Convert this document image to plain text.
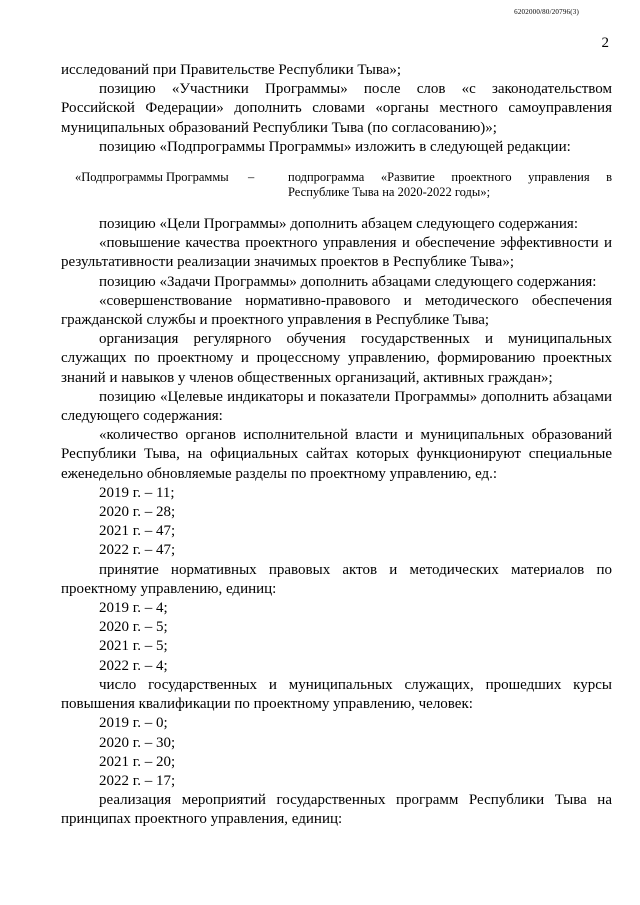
6202000/80/20796(3)
2
исследований при Правительстве Республики Тыва»;
позицию «Участники Программы» после слов «с законодательством Российской Федерации» дополнить словами «органы местного самоуправления муниципальных образований Республики Тыва (по согласованию)»;
позицию «Подпрограммы Программы» изложить в следующей редакции:
«Подпрограммы Программы	–	подпрограмма «Развитие проектного управления в Республике Тыва на 2020-2022 годы»;
позицию «Цели Программы» дополнить абзацем следующего содержания:
«повышение качества проектного управления и обеспечение эффективности и результативности реализации значимых проектов в Республике Тыва»;
позицию «Задачи Программы» дополнить абзацами следующего содержания:
«совершенствование нормативно-правового и методического обеспечения гражданской службы и проектного управления в Республике Тыва;
организация регулярного обучения государственных и муниципальных служащих по проектному и процессному управлению, формированию проектных знаний и навыков у членов общественных организаций, активных граждан»;
позицию «Целевые индикаторы и показатели Программы» дополнить абзацами следующего содержания:
«количество органов исполнительной власти и муниципальных образований Республики Тыва, на официальных сайтах которых функционируют специальные еженедельно обновляемые разделы по проектному управлению, ед.:
2019 г. – 11;
2020 г. – 28;
2021 г. – 47;
2022 г. – 47;
принятие нормативных правовых актов и методических материалов по проектному управлению, единиц:
2019 г. – 4;
2020 г. – 5;
2021 г. – 5;
2022 г. – 4;
число государственных и муниципальных служащих, прошедших курсы повышения квалификации по проектному управлению, человек:
2019 г. – 0;
2020 г. – 30;
2021 г. – 20;
2022 г. – 17;
реализация мероприятий государственных программ Республики Тыва на принципах проектного управления, единиц:
